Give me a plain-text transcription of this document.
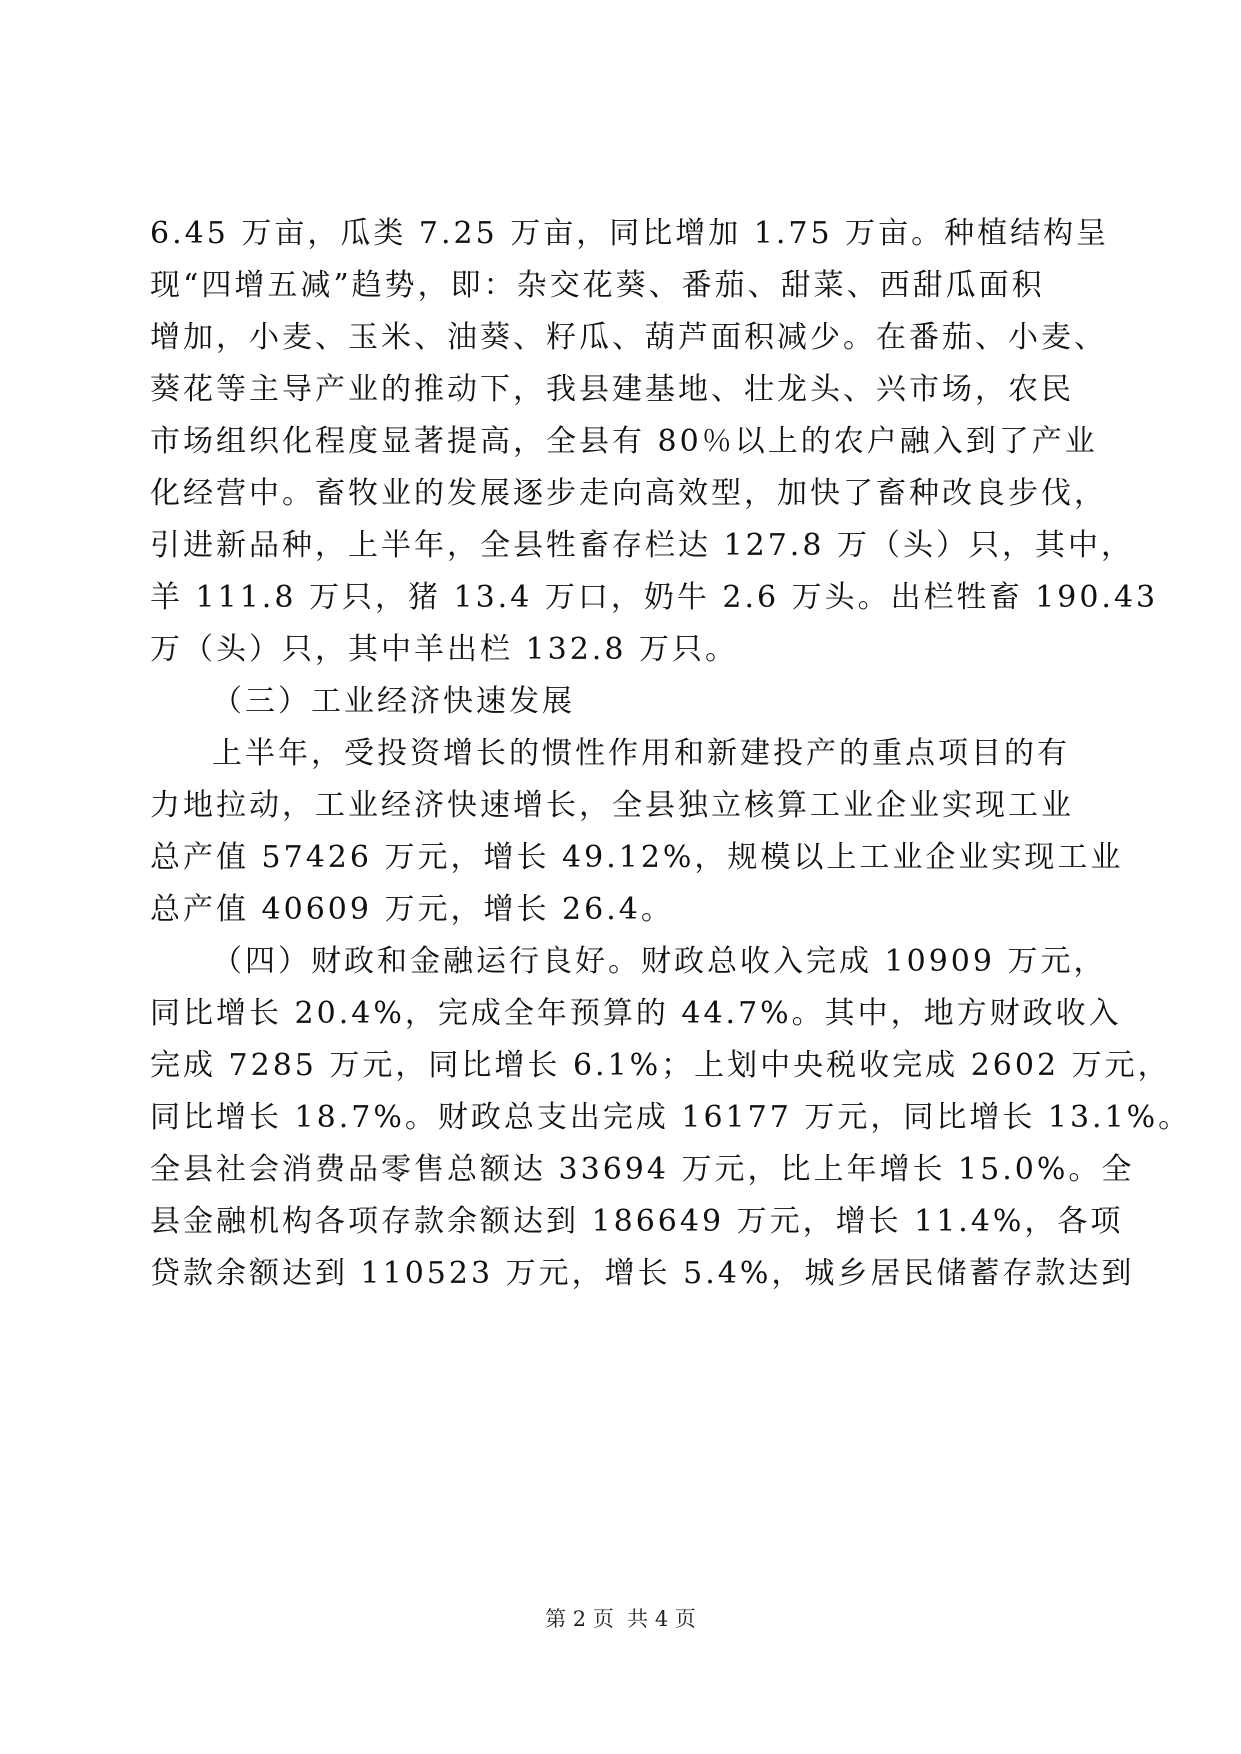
6.45 万亩，瓜类 7.25 万亩，同比增加 1.75 万亩。种植结构呈
现“四增五减”趋势，即：杂交花葵、番茄、甜菜、西甜瓜面积
增加，小麦、玉米、油葵、籽瓜、葫芦面积减少。在番茄、小麦、
葵花等主导产业的推动下，我县建基地、壮龙头、兴市场，农民
市场组织化程度显著提高，全县有 80％以上的农户融入到了产业
化经营中。畜牧业的发展逐步走向高效型，加快了畜种改良步伐，
引进新品种，上半年，全县牲畜存栏达 127.8 万（头）只，其中，
羊 111.8 万只，猪 13.4 万口，奶牛 2.6 万头。出栏牲畜 190.43
万（头）只，其中羊出栏 132.8 万只。
（三）工业经济快速发展
上半年，受投资增长的惯性作用和新建投产的重点项目的有
力地拉动，工业经济快速增长，全县独立核算工业企业实现工业
总产值 57426 万元，增长 49.12%，规模以上工业企业实现工业
总产值 40609 万元，增长 26.4。
（四）财政和金融运行良好。财政总收入完成 10909 万元，
同比增长 20.4%，完成全年预算的 44.7%。其中，地方财政收入
完成 7285 万元，同比增长 6.1%；上划中央税收完成 2602 万元，
同比增长 18.7%。财政总支出完成 16177 万元，同比增长 13.1%。
全县社会消费品零售总额达 33694 万元，比上年增长 15.0%。全
县金融机构各项存款余额达到 186649 万元，增长 11.4%，各项
贷款余额达到 110523 万元，增长 5.4%，城乡居民储蓄存款达到
第 2 页  共 4 页
